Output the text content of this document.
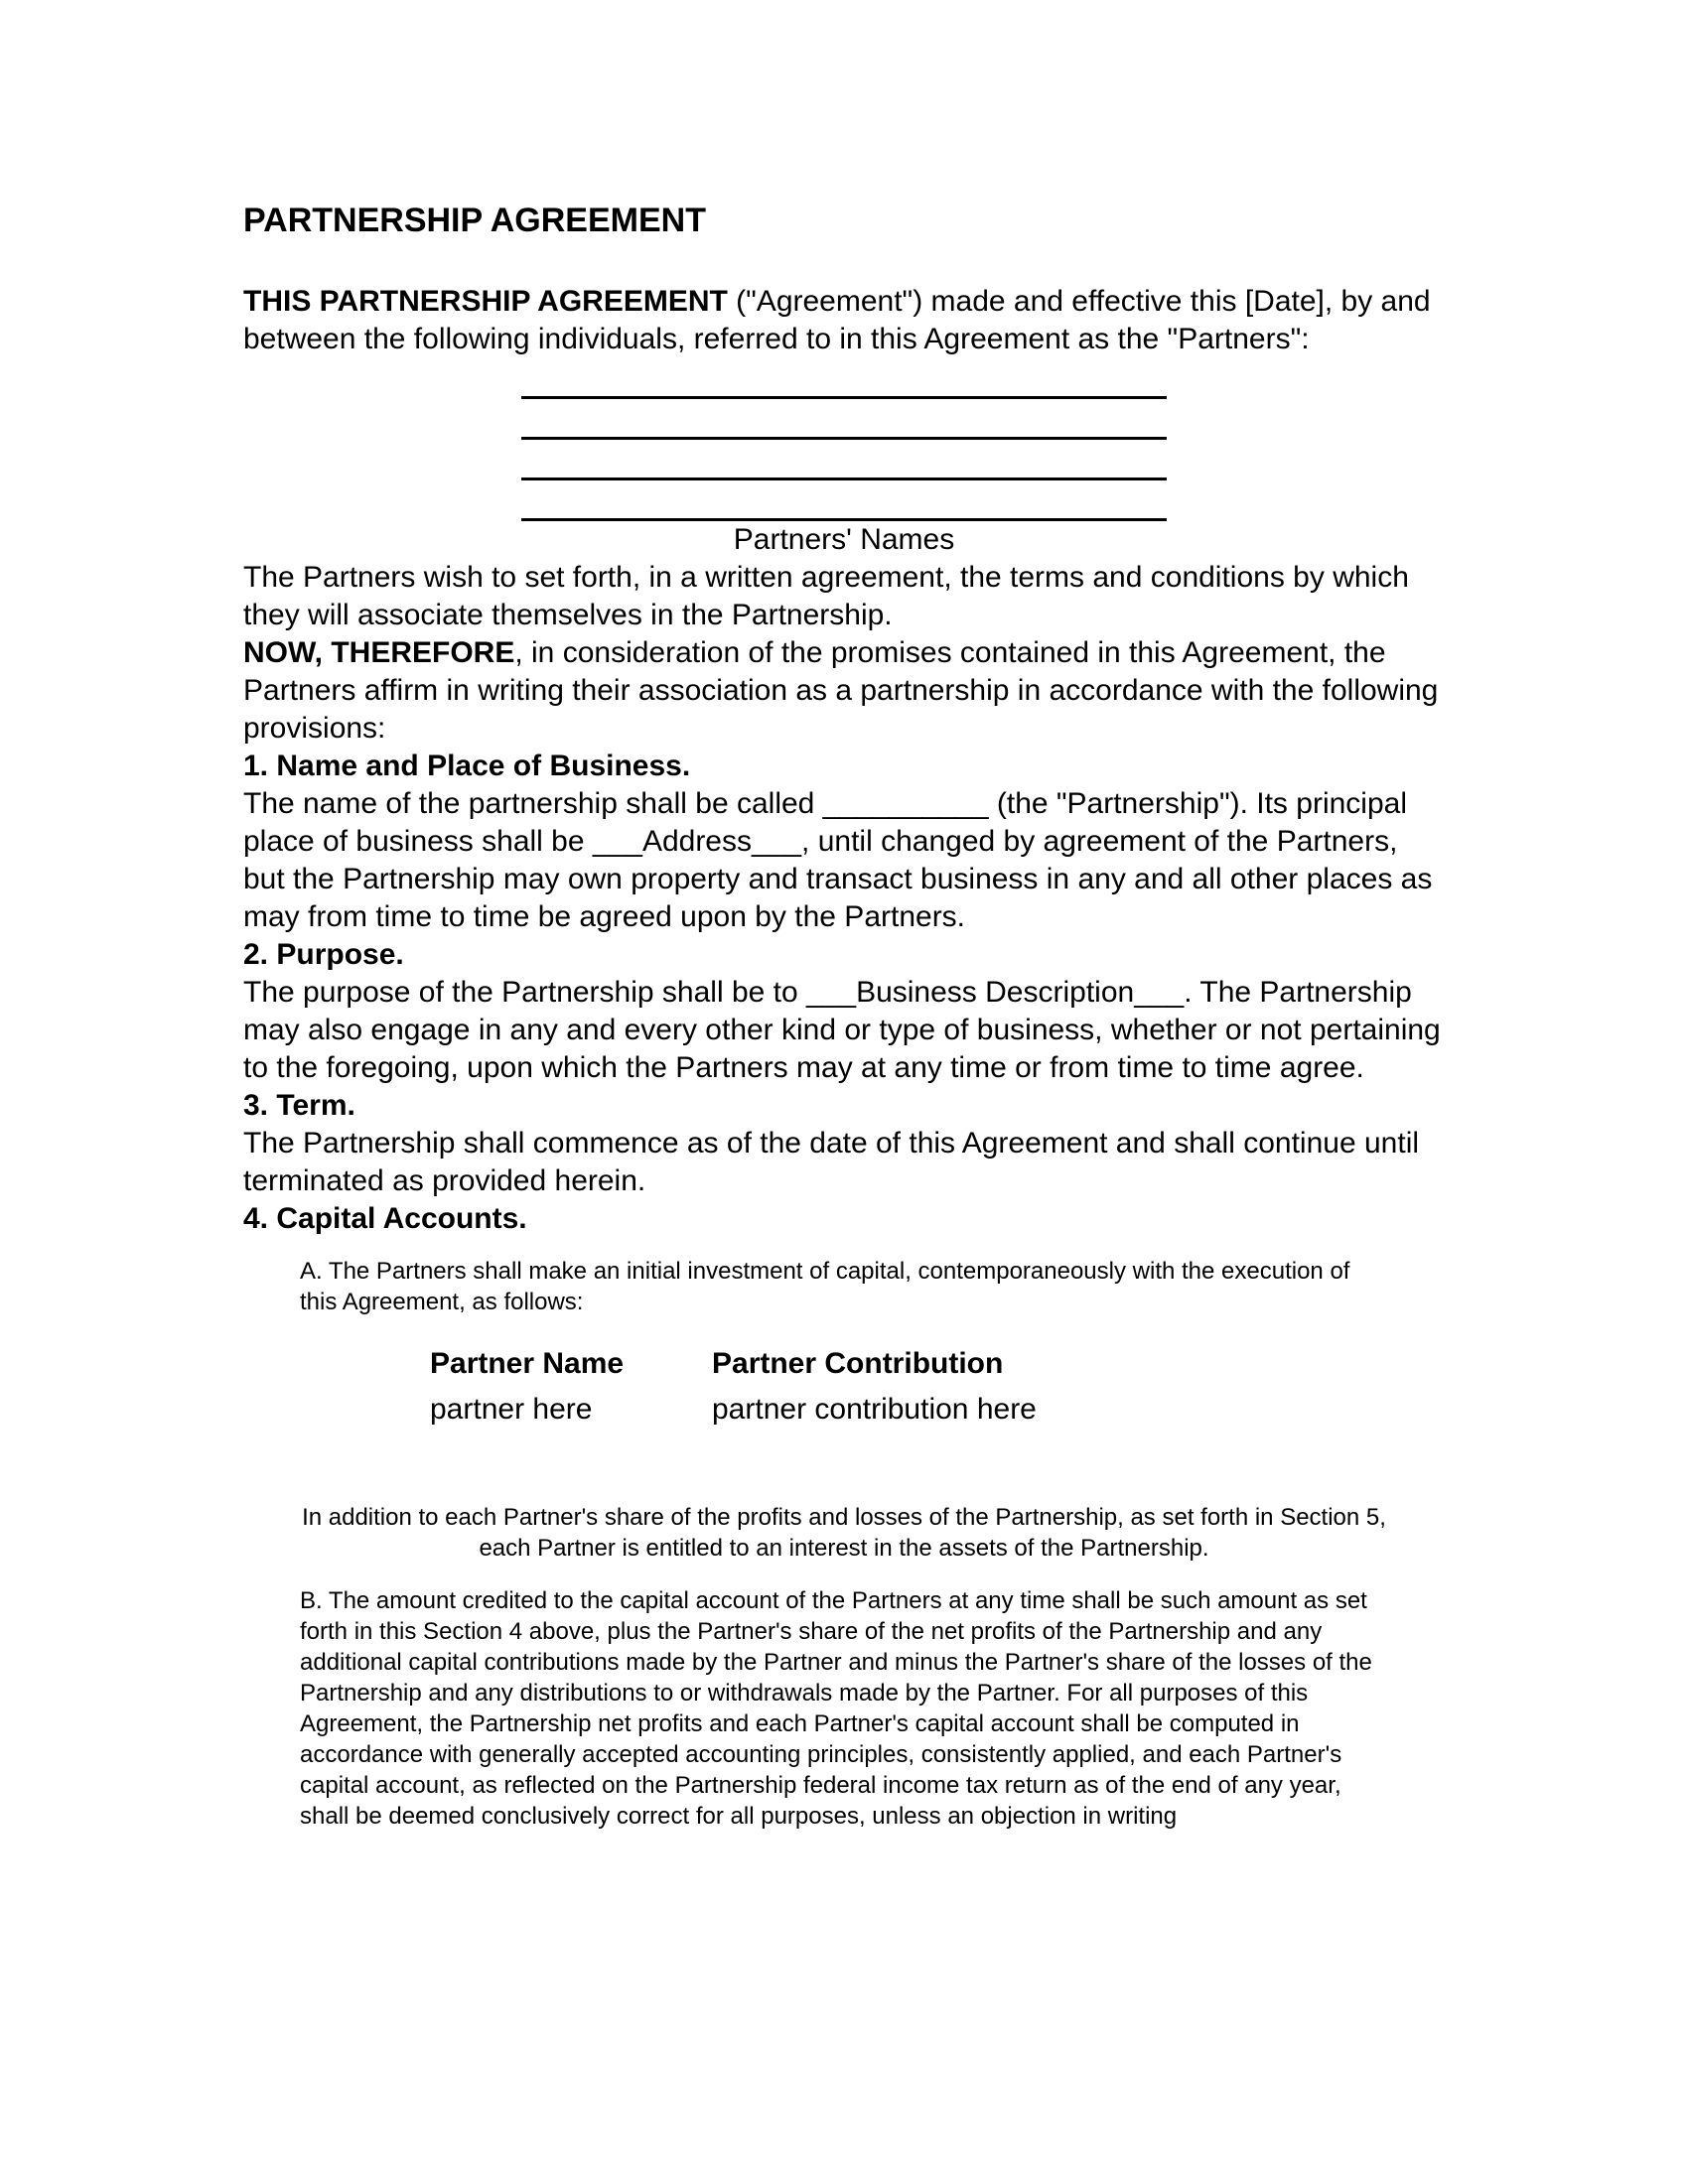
PARTNERSHIP AGREEMENT

THIS PARTNERSHIP AGREEMENT ("Agreement") made and effective this [Date], by and between the following individuals, referred to in this Agreement as the "Partners":

Partners' Names

The Partners wish to set forth, in a written agreement, the terms and conditions by which they will associate themselves in the Partnership.

NOW, THEREFORE, in consideration of the promises contained in this Agreement, the Partners affirm in writing their association as a partnership in accordance with the following provisions:

1. Name and Place of Business.

The name of the partnership shall be called __________ (the "Partnership"). Its principal place of business shall be ___Address___, until changed by agreement of the Partners, but the Partnership may own property and transact business in any and all other places as may from time to time be agreed upon by the Partners.

2. Purpose.

The purpose of the Partnership shall be to ___Business Description___. The Partnership may also engage in any and every other kind or type of business, whether or not pertaining to the foregoing, upon which the Partners may at any time or from time to time agree.

3. Term.

The Partnership shall commence as of the date of this Agreement and shall continue until terminated as provided herein.

4. Capital Accounts.

A. The Partners shall make an initial investment of capital, contemporaneously with the execution of this Agreement, as follows:

Partner Name	Partner Contribution
partner here	partner contribution here

In addition to each Partner's share of the profits and losses of the Partnership, as set forth in Section 5, each Partner is entitled to an interest in the assets of the Partnership.

B. The amount credited to the capital account of the Partners at any time shall be such amount as set forth in this Section 4 above, plus the Partner's share of the net profits of the Partnership and any additional capital contributions made by the Partner and minus the Partner's share of the losses of the Partnership and any distributions to or withdrawals made by the Partner. For all purposes of this Agreement, the Partnership net profits and each Partner's capital account shall be computed in accordance with generally accepted accounting principles, consistently applied, and each Partner's capital account, as reflected on the Partnership federal income tax return as of the end of any year, shall be deemed conclusively correct for all purposes, unless an objection in writing
